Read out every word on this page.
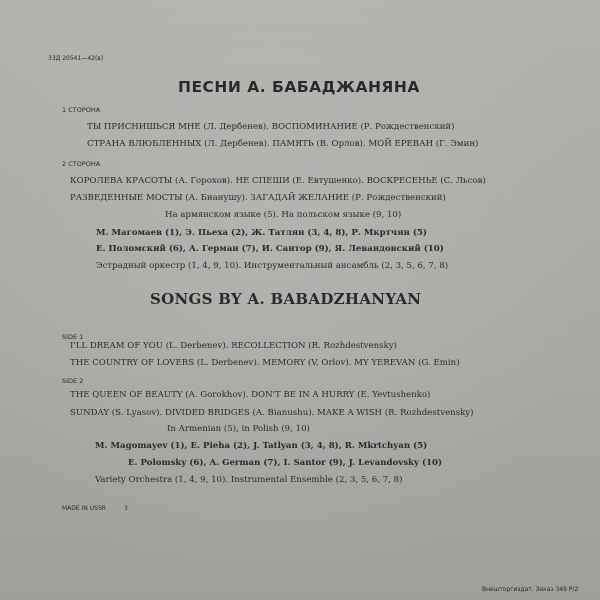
33Д 20541—42(в)
ПЕСНИ А. БАБАДЖАНЯНА
1 СТОРОНА
ТЫ ПРИСНИШЬСЯ МНЕ (Л. Дербенев). ВОСПОМИНАНИЕ (Р. Рождественский)
СТРАНА ВЛЮБЛЕННЫХ (Л. Дербенев). ПАМЯТЬ (В. Орлов). МОЙ ЕРЕВАН (Г. Эмин)
2 СТОРОНА
КОРОЛЕВА КРАСОТЫ (А. Горохов). НЕ СПЕШИ (Е. Евтушенко). ВОСКРЕСЕНЬЕ (С. Льсов)
РАЗВЕДЕННЫЕ МОСТЫ (А. Бианушу). ЗАГАДАЙ ЖЕЛАНИЕ (Р. Рождественский)
На армянском языке (5). На польском языке (9, 10)
М. Магомаев (1), Э. Пьеха (2), Ж. Татлян (3, 4, 8), Р. Мкртчян (5)
Е. Поломский (6), А. Герман (7), И. Сантор (9), Я. Левандовский (10)
Эстрадный оркестр (1, 4, 9, 10). Инструментальный ансамбль (2, 3, 5, 6, 7, 8)
SONGS BY A. BABADZHANYAN
SIDE 1
I'LL DREAM OF YOU (L. Derbenev). RECOLLECTION (R. Rozhdestvensky)
THE COUNTRY OF LOVERS (L. Derbenev). MEMORY (V. Orlov). MY YEREVAN (G. Emin)
SIDE 2
THE QUEEN OF BEAUTY (A. Gorokhov). DON'T BE IN A HURRY (E. Yevtushenko)
SUNDAY (S. Lyasov). DIVIDED BRIDGES (A. Bianushu). MAKE A WISH (R. Rozhdestvensky)
In Armenian (5), in Polish (9, 10)
M. Magomayev (1), E. Pieha (2), J. Tatlyan (3, 4, 8), R. Mkrtchyan (5)
E. Polomsky (6), A. German (7), I. Santor (9), J. Levandovsky (10)
Variety Orchestra (1, 4, 9, 10). Instrumental Ensemble (2, 3, 5, 6, 7, 8)
MADE IN USSR	3
Внешторгиздат. Заказ 349 Р/2
